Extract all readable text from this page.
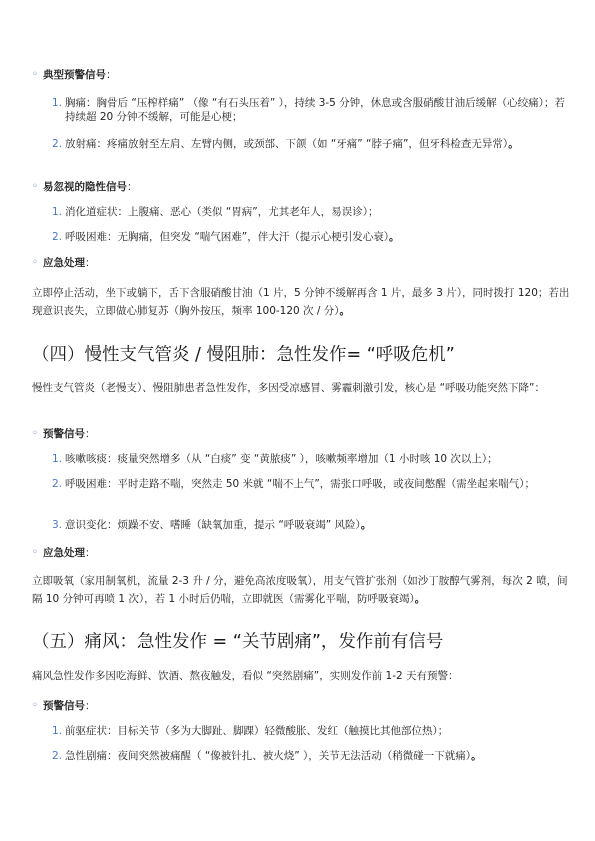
◦ 典型预警信号：
1. 胸痛：胸骨后 “压榨样痛” （像 “有石头压着” ），持续 3-5 分钟，休息或含服硝酸甘油后缓解（心绞痛）；若持续超 20 分钟不缓解，可能是心梗；
2. 放射痛：疼痛放射至左肩、左臂内侧，或颈部、下颌（如 “牙痛” “脖子痛”，但牙科检查无异常）。
◦ 易忽视的隐性信号：
1. 消化道症状：上腹痛、恶心（类似 “胃病”，尤其老年人，易误诊）；
2. 呼吸困难：无胸痛，但突发 “喘气困难”，伴大汗（提示心梗引发心衰）。
◦ 应急处理：

立即停止活动，坐下或躺下，舌下含服硝酸甘油（1 片，5 分钟不缓解再含 1 片，最多 3 片），同时拨打 120；若出现意识丧失，立即做心肺复苏（胸外按压，频率 100-120 次 / 分）。

（四）慢性支气管炎 / 慢阻肺：急性发作= “呼吸危机”

慢性支气管炎（老慢支）、慢阻肺患者急性发作，多因受凉感冒、雾霾刺激引发，核心是 “呼吸功能突然下降”：

◦ 预警信号：
1. 咳嗽咳痰：痰量突然增多（从 “白痰” 变 “黄脓痰” ），咳嗽频率增加（1 小时咳 10 次以上）；
2. 呼吸困难：平时走路不喘，突然走 50 米就 “喘不上气”，需张口呼吸，或夜间憋醒（需坐起来喘气）；
3. 意识变化：烦躁不安、嗜睡（缺氧加重，提示 “呼吸衰竭” 风险）。
◦ 应急处理：

立即吸氧（家用制氧机，流量 2-3 升 / 分，避免高浓度吸氧），用支气管扩张剂（如沙丁胺醇气雾剂，每次 2 喷，间隔 10 分钟可再喷 1 次），若 1 小时后仍喘，立即就医（需雾化平喘，防呼吸衰竭）。

（五）痛风：急性发作 = “关节剧痛”，发作前有信号

痛风急性发作多因吃海鲜、饮酒、熬夜触发，看似 “突然剧痛”，实则发作前 1-2 天有预警：

◦ 预警信号：
1. 前驱症状：目标关节（多为大脚趾、脚踝）轻微酸胀、发红（触摸比其他部位热）；
2. 急性剧痛：夜间突然被痛醒（ “像被针扎、被火烧” ），关节无法活动（稍微碰一下就痛）。
